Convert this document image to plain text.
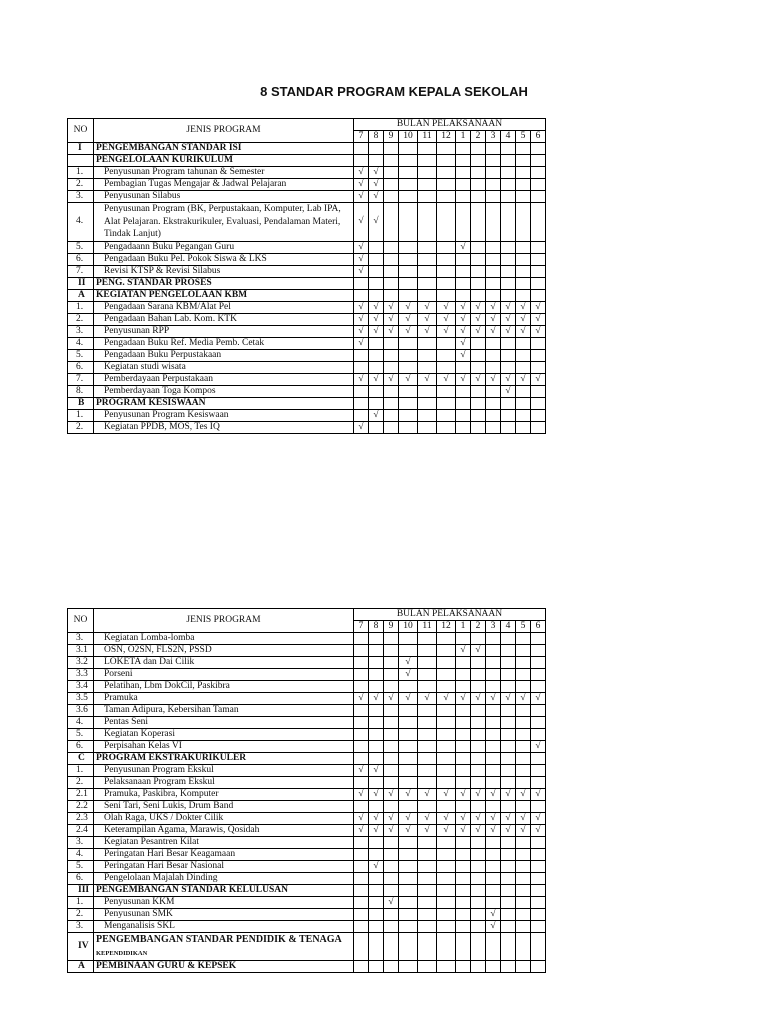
8 STANDAR PROGRAM KEPALA SEKOLAH
NO	JENIS PROGRAM	BULAN PELAKSANAAN											
		7	8	9	10	11	12	1	2	3	4	5	6
I	PENGEMBANGAN STANDAR ISI												
	PENGELOLAAN KURIKULUM												
1.	Penyusunan Program tahunan & Semester	√	√										
2.	Pembagian Tugas Mengajar & Jadwal Pelajaran	√	√										
3.	Penyusunan Silabus	√	√										
4.	Penyusunan Program (BK, Perpustakaan, Komputer, Lab IPA, Alat Pelajaran. Ekstrakurikuler, Evaluasi, Pendalaman Materi, Tindak Lanjut)	√	√										
5.	Pengadaann Buku Pegangan Guru	√						√					
6.	Pengadaan Buku Pel. Pokok Siswa & LKS	√											
7.	Revisi KTSP & Revisi Silabus	√											
II	PENG. STANDAR PROSES												
A	KEGIATAN PENGELOLAAN KBM												
1.	Pengadaan Sarana KBM/Alat Pel	√	√	√	√	√	√	√	√	√	√	√	√
2.	Pengadaan Bahan Lab. Kom. KTK	√	√	√	√	√	√	√	√	√	√	√	√
3.	Penyusunan RPP	√	√	√	√	√	√	√	√	√	√	√	√
4.	Pengadaan Buku Ref. Media Pemb. Cetak	√						√					
5.	Pengadaan Buku Perpustakaan							√					
6.	Kegiatan studi wisata												
7.	Pemberdayaan Perpustakaan	√	√	√	√	√	√	√	√	√	√	√	√
8.	Pemberdayaan Toga Kompos										√		
B	PROGRAM KESISWAAN												
1.	Penyusunan Program Kesiswaan		√										
2.	Kegiatan PPDB, MOS, Tes IQ	√											
NO	JENIS PROGRAM	BULAN PELAKSANAAN											
		7	8	9	10	11	12	1	2	3	4	5	6
3.	Kegiatan Lomba-lomba												
3.1	OSN, O2SN, FLS2N, PSSD							√	√				
3.2	LOKETA dan Dai Cilik				√								
3.3	Porseni				√								
3.4	Pelatihan, Lbm DokCil, Paskibra												
3.5	Pramuka	√	√	√	√	√	√	√	√	√	√	√	√
3.6	Taman Adipura, Kebersihan Taman												
4.	Pentas Seni												
5.	Kegiatan Koperasi												
6.	Perpisahan Kelas VI												√
C	PROGRAM EKSTRAKURIKULER												
1.	Penyusunan Program Ekskul	√	√										
2.	Pelaksanaan Program Ekskul												
2.1	Pramuka, Paskibra, Komputer	√	√	√	√	√	√	√	√	√	√	√	√
2.2	Seni Tari, Seni Lukis, Drum Band												
2.3	Olah Raga, UKS / Dokter Cilik	√	√	√	√	√	√	√	√	√	√	√	√
2.4	Keterampilan Agama, Marawis, Qosidah	√	√	√	√	√	√	√	√	√	√	√	√
3.	Kegiatan Pesantren Kilat												
4.	Peringatan Hari Besar Keagamaan												
5.	Peringatan Hari Besar Nasional		√										
6.	Pengelolaan Majalah Dinding												
III	PENGEMBANGAN STANDAR KELULUSAN												
1.	Penyusunan KKM			√									
2.	Penyusunan SMK									√			
3.	Menganalisis SKL									√			
IV	PENGEMBANGAN STANDAR PENDIDIK & TENAGA KEPENDIDIKAN												
A	PEMBINAAN GURU & KEPSEK												
